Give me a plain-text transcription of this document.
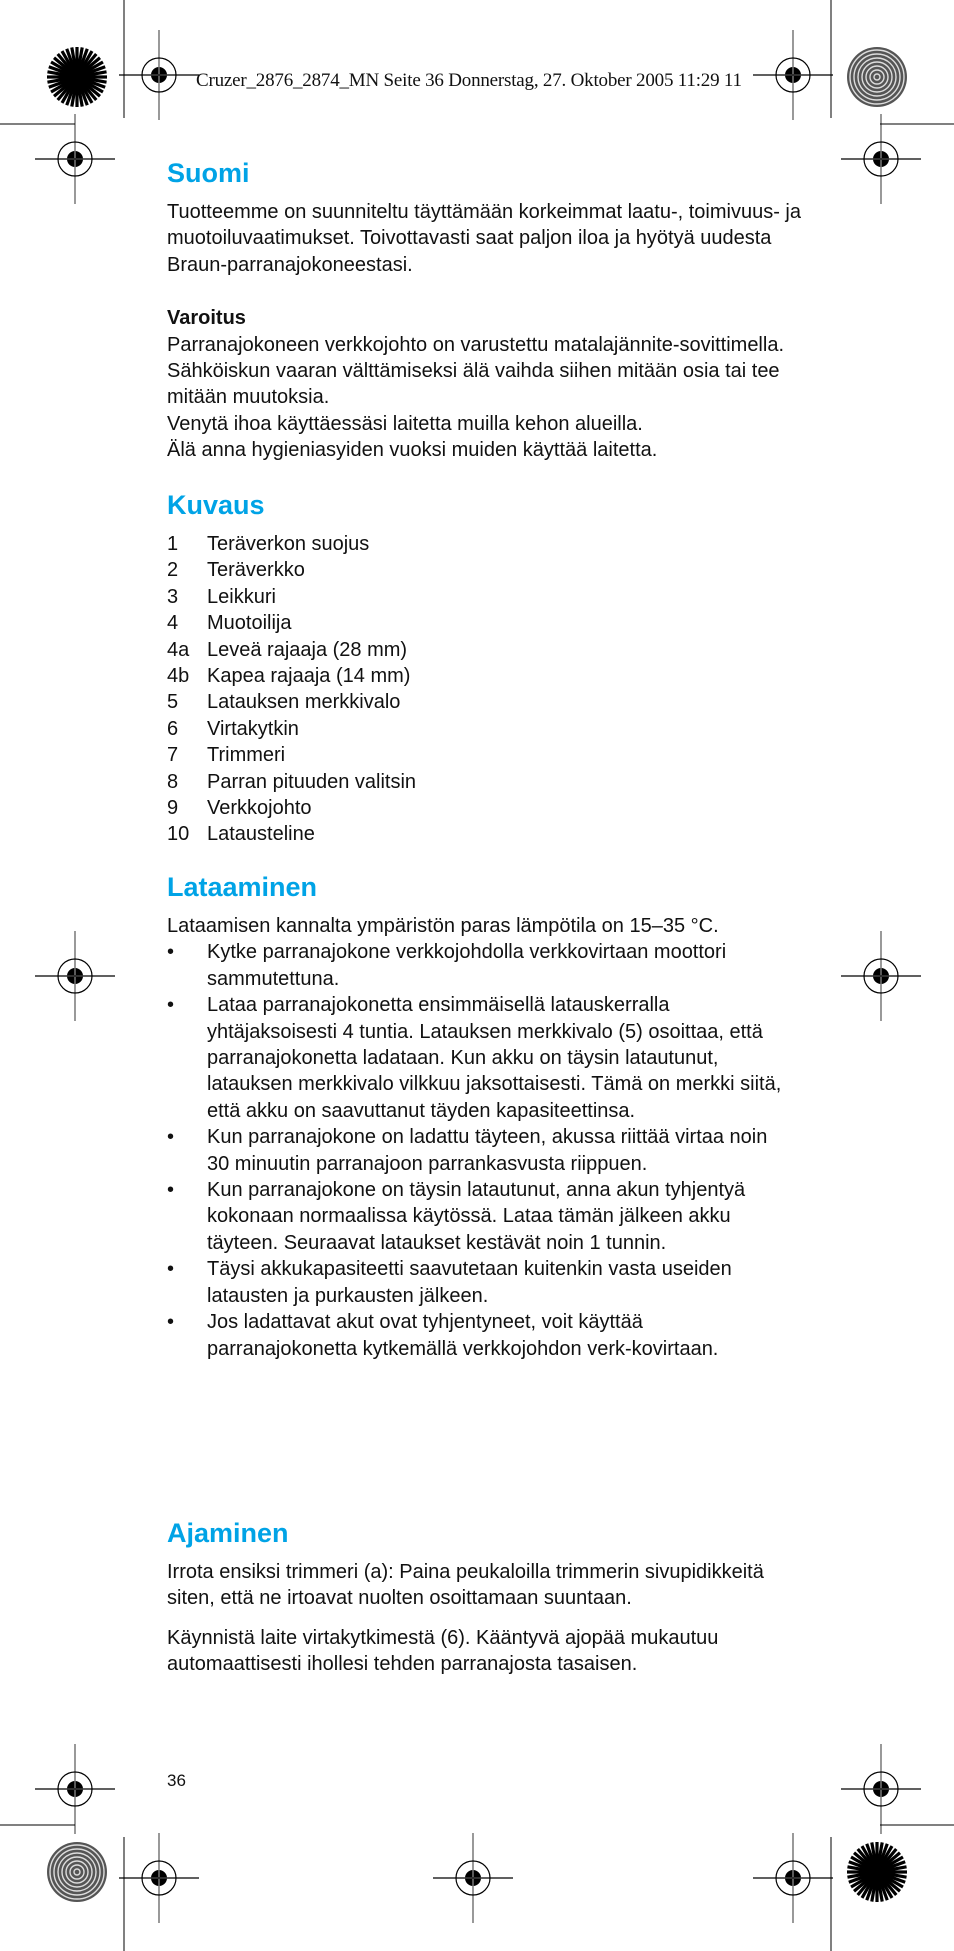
Cruzer_2876_2874_MN Seite 36 Donnerstag, 27. Oktober 2005 11:29 11
Suomi

Tuotteemme on suunniteltu täyttämään korkeimmat laatu-, toimivuus- ja muotoiluvaatimukset. Toivottavasti saat paljon iloa ja hyötyä uudesta Braun-parranajokoneestasi.

Varoitus

Parranajokoneen verkkojohto on varustettu matalajännite-sovittimella. Sähköiskun vaaran välttämiseksi älä vaihda siihen mitään osia tai tee mitään muutoksia.

Venytä ihoa käyttäessäsi laitetta muilla kehon alueilla.

Älä anna hygieniasyiden vuoksi muiden käyttää laitetta.

Kuvaus
1	Teräverkon suojus
2	Teräverkko
3	Leikkuri
4	Muotoilija
4a Leveä rajaaja (28 mm)
4b Kapea rajaaja (14 mm)
5	Latauksen merkkivalo
6	Virtakytkin
7	Trimmeri
8	Parran pituuden valitsin
9	Verkkojohto
10 Latausteline
Lataaminen

Lataamisen kannalta ympäristön paras lämpötila on 15–35 °C.

•	Kytke parranajokone verkkojohdolla verkkovirtaan moottori sammutettuna.
•	Lataa parranajokonetta ensimmäisellä latauskerralla yhtäjaksoisesti 4 tuntia. Latauksen merkkivalo (5) osoittaa, että parranajokonetta ladataan. Kun akku on täysin latautunut, latauksen merkkivalo vilkkuu jaksottaisesti. Tämä on merkki siitä, että akku on saavuttanut täyden kapasiteettinsa.
•	Kun parranajokone on ladattu täyteen, akussa riittää virtaa noin 30 minuutin parranajoon parrankasvusta riippuen.
•	Kun parranajokone on täysin latautunut, anna akun tyhjentyä kokonaan normaalissa käytössä. Lataa tämän jälkeen akku täyteen. Seuraavat lataukset kestävät noin 1 tunnin.
•	Täysi akkukapasiteetti saavutetaan kuitenkin vasta useiden latausten ja purkausten jälkeen.
•	Jos ladattavat akut ovat tyhjentyneet, voit käyttää parranajokonetta kytkemällä verkkojohdon verk-kovirtaan.
Ajaminen

Irrota ensiksi trimmeri (a): Paina peukaloilla trimmerin sivupidikkeitä siten, että ne irtoavat nuolten osoittamaan suuntaan.

Käynnistä laite virtakytkimestä (6). Kääntyvä ajopää mukautuu automaattisesti ihollesi tehden parranajosta tasaisen.

36
